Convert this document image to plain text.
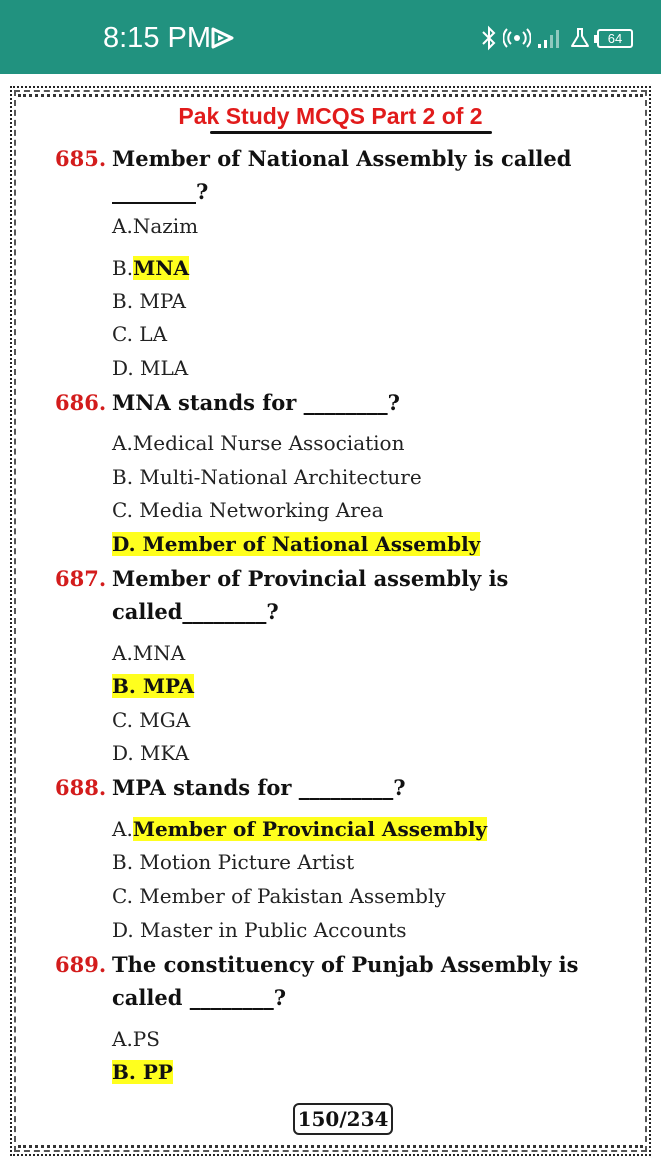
8:15 PM	64
Pak Study MCQS Part 2 of 2
685. Member of National Assembly is called
________?
A.Nazim
B.MNA
B. MPA
C. LA
D. MLA
686. MNA stands for ________?
A.Medical Nurse Association
B. Multi-National Architecture
C. Media Networking Area
D. Member of National Assembly
687. Member of Provincial assembly is
called________?
A.MNA
B. MPA
C. MGA
D. MKA
688. MPA stands for _________?
A.Member of Provincial Assembly
B. Motion Picture Artist
C. Member of Pakistan Assembly
D. Master in Public Accounts
689. The constituency of Punjab Assembly is
called ________?
A.PS
B. PP
150/234
